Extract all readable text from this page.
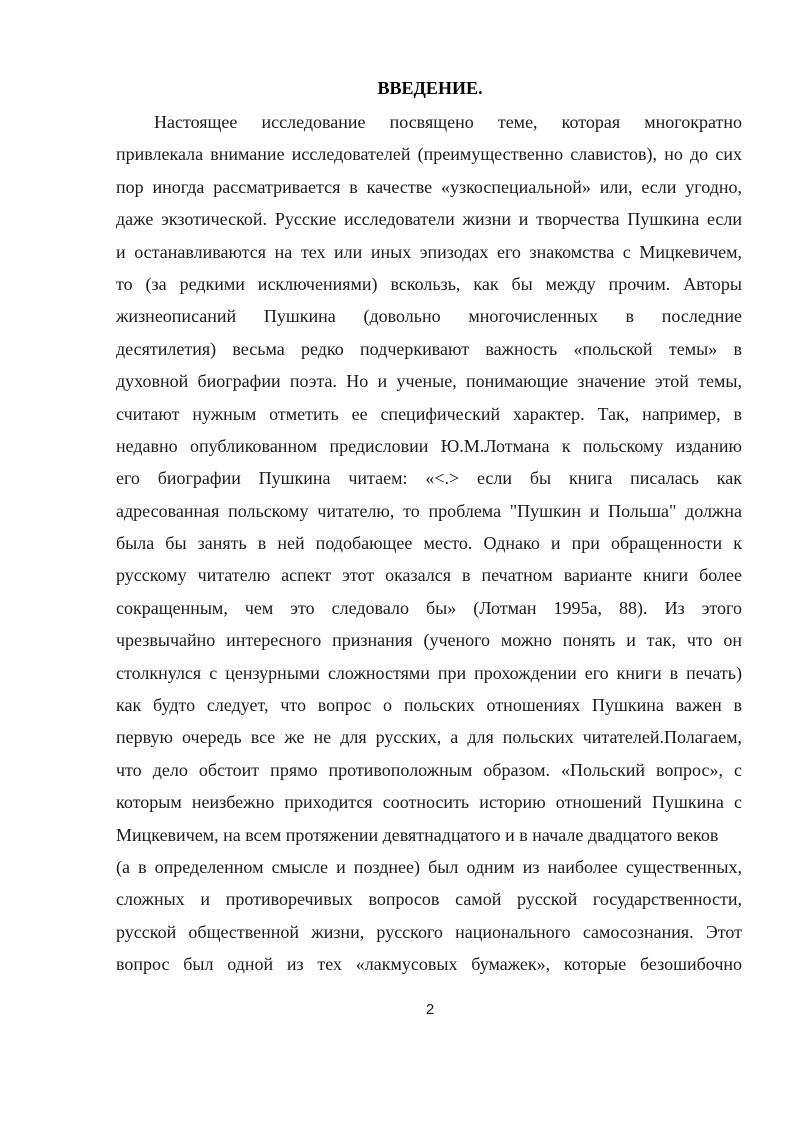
ВВЕДЕНИЕ.
Настоящее исследование посвящено теме, которая многократно
привлекала внимание исследователей (преимущественно славистов), но до сих
пор иногда рассматривается в качестве «узкоспециальной» или, если угодно,
даже экзотической. Русские исследователи жизни и творчества Пушкина если
и останавливаются на тех или иных эпизодах его знакомства с Мицкевичем,
то (за редкими исключениями) вскользь, как бы между прочим. Авторы
жизнеописаний Пушкина (довольно многочисленных в последние
десятилетия) весьма редко подчеркивают важность «польской темы» в
духовной биографии поэта. Но и ученые, понимающие значение этой темы,
считают нужным отметить ее специфический характер. Так, например, в
недавно опубликованном предисловии Ю.М.Лотмана к польскому изданию
его биографии Пушкина читаем: «<.> если бы книга писалась как
адресованная польскому читателю, то проблема "Пушкин и Польша" должна
была бы занять в ней подобающее место. Однако и при обращенности к
русскому читателю аспект этот оказался в печатном варианте книги более
сокращенным, чем это следовало бы» (Лотман 1995а, 88). Из этого
чрезвычайно интересного признания (ученого можно понять и так, что он
столкнулся с цензурными сложностями при прохождении его книги в печать)
как будто следует, что вопрос о польских отношениях Пушкина важен в
первую очередь все же не для русских, а для польских читателей.Полагаем,
что дело обстоит прямо противоположным образом. «Польский вопрос», с
которым неизбежно приходится соотносить историю отношений Пушкина с
Мицкевичем, на всем протяжении девятнадцатого и в начале двадцатого веков
(а в определенном смысле и позднее) был одним из наиболее существенных,
сложных и противоречивых вопросов самой русской государственности,
русской общественной жизни, русского национального самосознания. Этот
вопрос был одной из тех «лакмусовых бумажек», которые безошибочно
2
